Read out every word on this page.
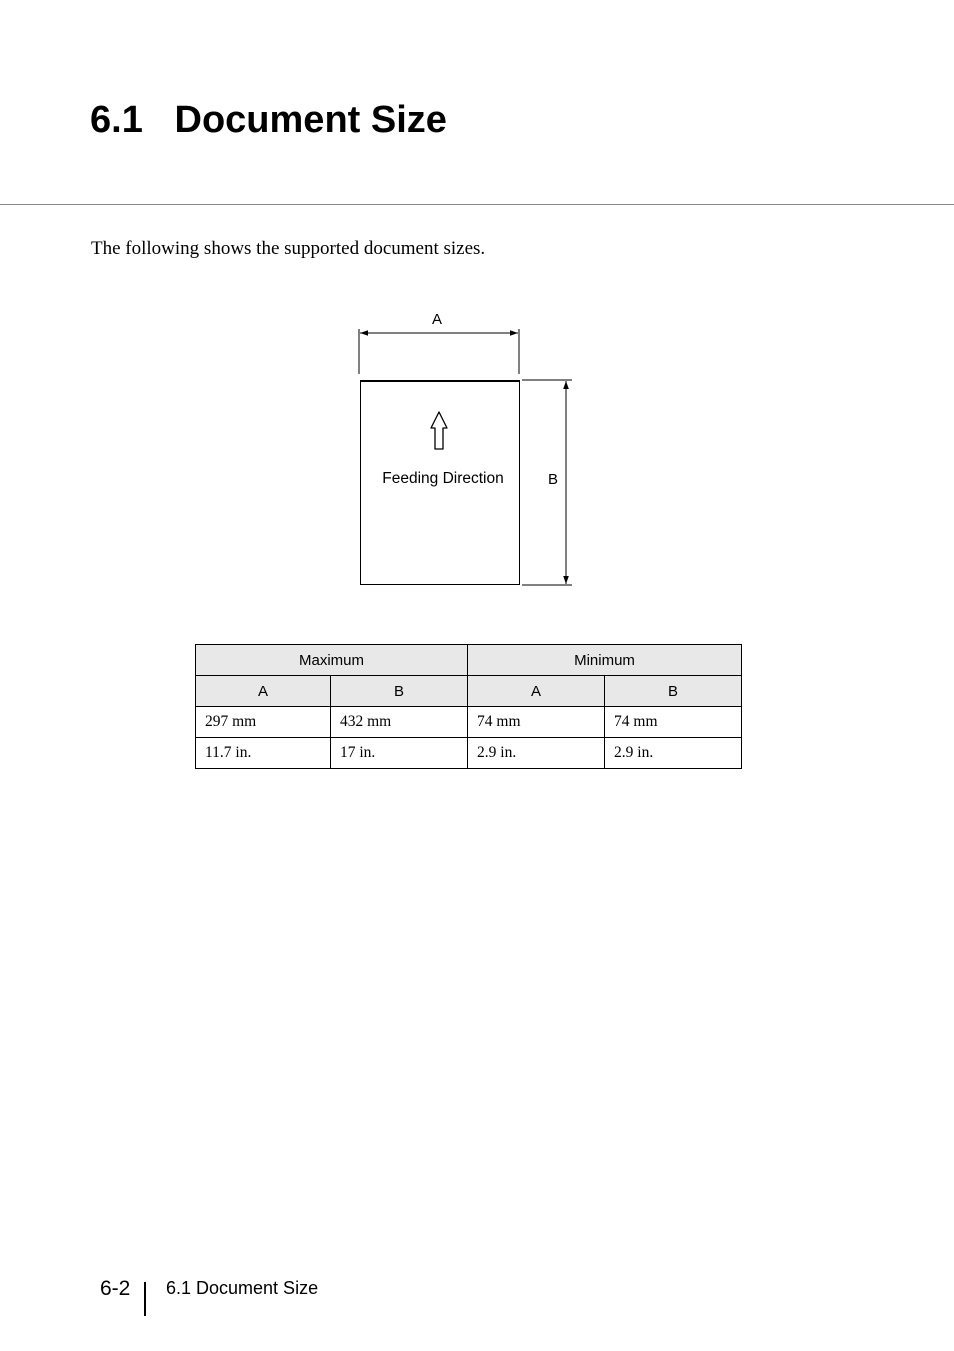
6.1 Document Size

The following shows the supported document sizes.

A
Feeding Direction	B
Maximum		Minimum	
A	B	A	B
297 mm	432 mm	74 mm	74 mm
11.7 in.	17 in.	2.9 in.	2.9 in.
6-2 6.1 Document Size
